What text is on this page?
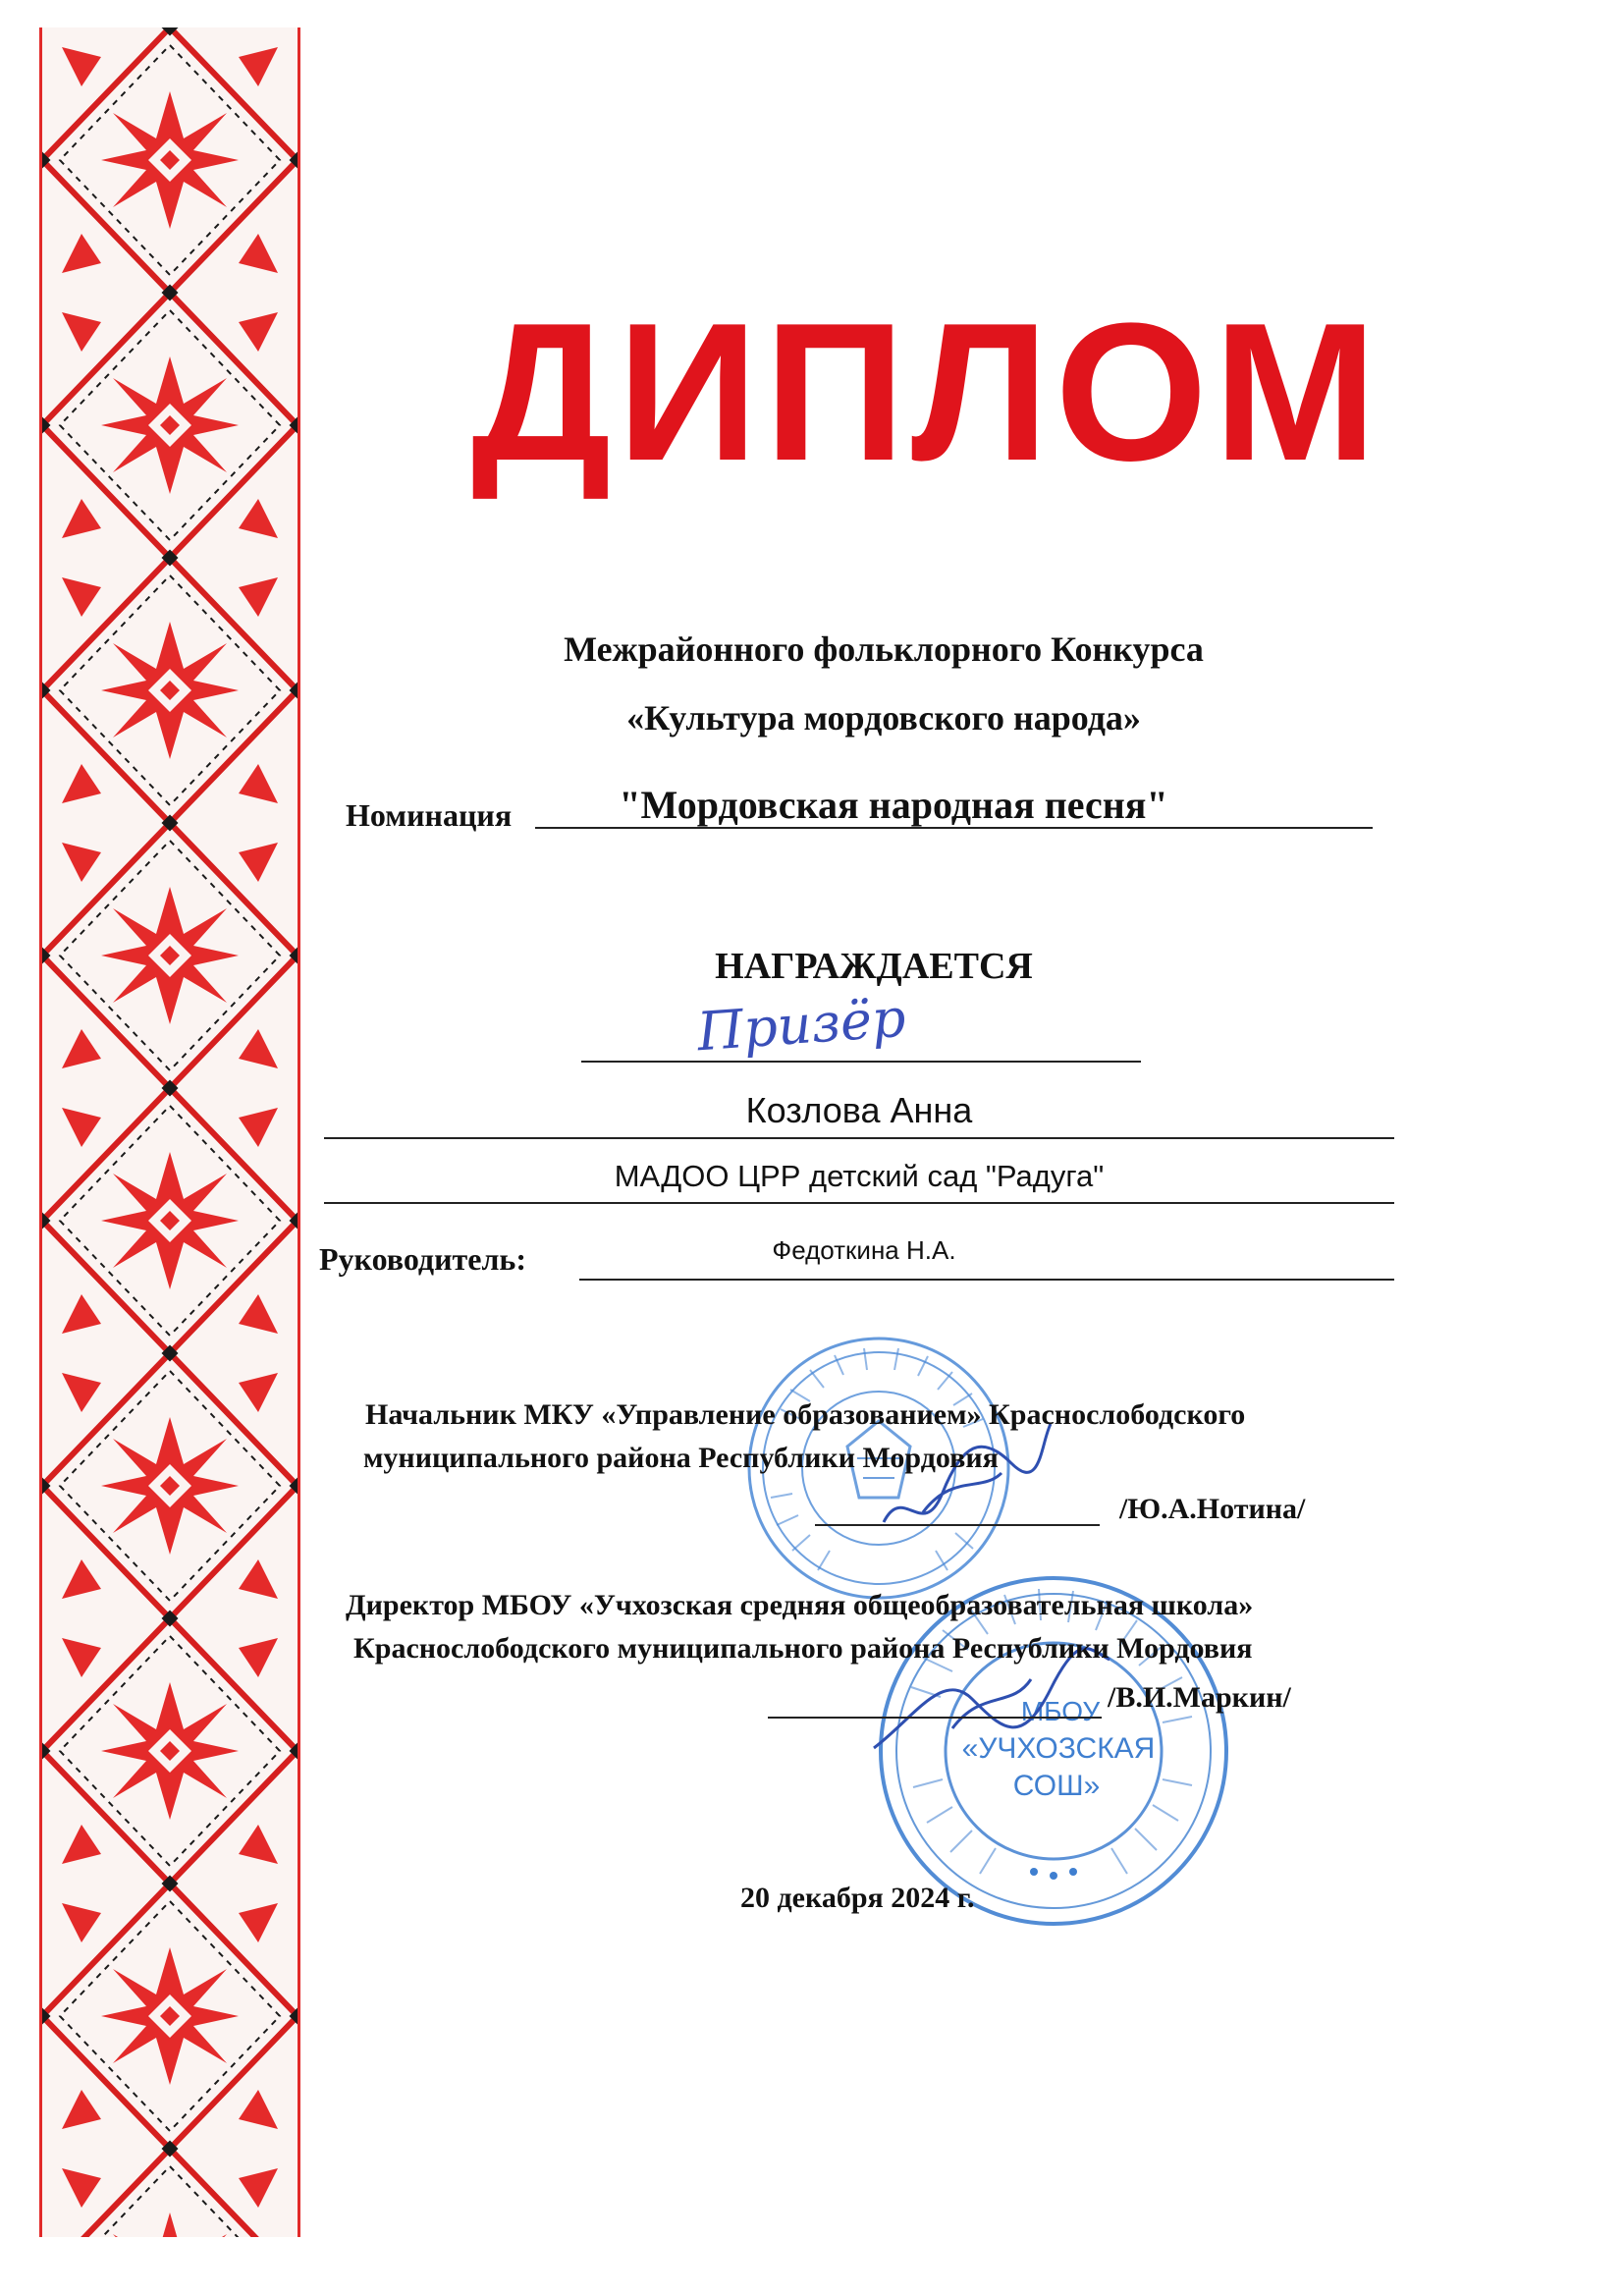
ДИПЛОМ
Межрайонного фольклорного Конкурса
«Культура мордовского народа»
Номинация	"Мордовская народная песня"
НАГРАЖДАЕТСЯ
Призёр
Козлова Анна
МАДОО ЦРР детский сад "Радуга"
Руководитель:	Федоткина Н.А.
Начальник МКУ «Управление образованием» Краснослободского
муниципального района Республики Мордовия
/Ю.А.Нотина/
МБОУ
«УЧХОЗСКАЯ
СОШ»
Директор МБОУ «Учхозская средняя общеобразовательная школа»
Краснослободского муниципального района Республики Мордовия
/В.И.Маркин/
20 декабря 2024 г.
